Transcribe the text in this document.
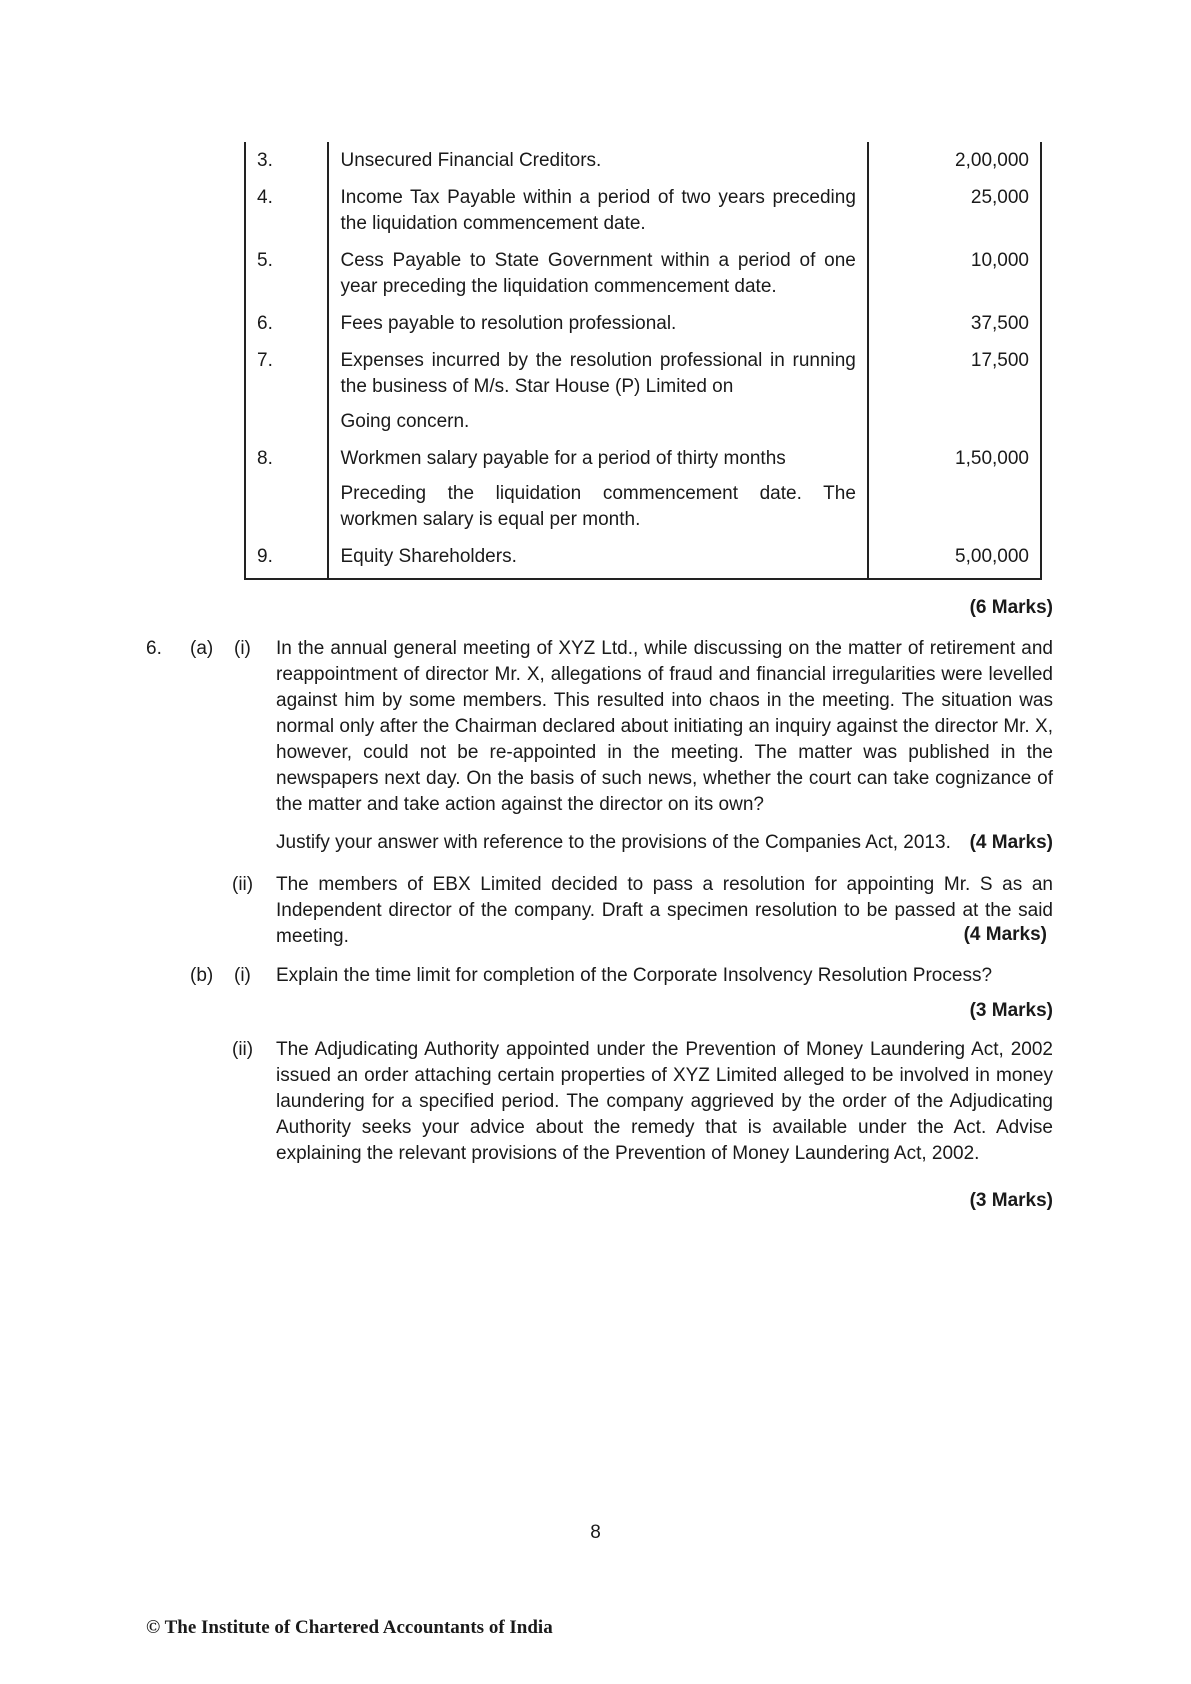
3.	Unsecured Financial Creditors.	2,00,000
4.	Income Tax Payable within a period of two years preceding the liquidation commencement date.	25,000
5.	Cess Payable to State Government within a period of one year preceding the liquidation commencement date.	10,000
6.	Fees payable to resolution professional.	37,500
7.	Expenses incurred by the resolution professional in running the business of M/s. Star House (P) Limited on	17,500
	Going concern.	
8.	Workmen salary payable for a period of thirty months	1,50,000
	Preceding the liquidation commencement date. The workmen salary is equal per month.	
9.	Equity Shareholders.	5,00,000
(6 Marks)
6. (a) (i) In the annual general meeting of XYZ Ltd., while discussing on the matter of retirement and reappointment of director Mr. X, allegations of fraud and financial irregularities were levelled against him by some members. This resulted into chaos in the meeting. The situation was normal only after the Chairman declared about initiating an inquiry against the director Mr. X, however, could not be re-appointed in the meeting. The matter was published in the newspapers next day. On the basis of such news, whether the court can take cognizance of the matter and take action against the director on its own?
Justify your answer with reference to the provisions of the Companies Act, 2013. (4 Marks)
(ii) The members of EBX Limited decided to pass a resolution for appointing Mr. S as an Independent director of the company. Draft a specimen resolution to be passed at the said meeting.	(4 Marks)
(b) (i) Explain the time limit for completion of the Corporate Insolvency Resolution Process?
(3 Marks)
(ii) The Adjudicating Authority appointed under the Prevention of Money Laundering Act, 2002 issued an order attaching certain properties of XYZ Limited alleged to be involved in money laundering for a specified period. The company aggrieved by the order of the Adjudicating Authority seeks your advice about the remedy that is available under the Act. Advise explaining the relevant provisions of the Prevention of Money Laundering Act, 2002.
(3 Marks)
8
© The Institute of Chartered Accountants of India
